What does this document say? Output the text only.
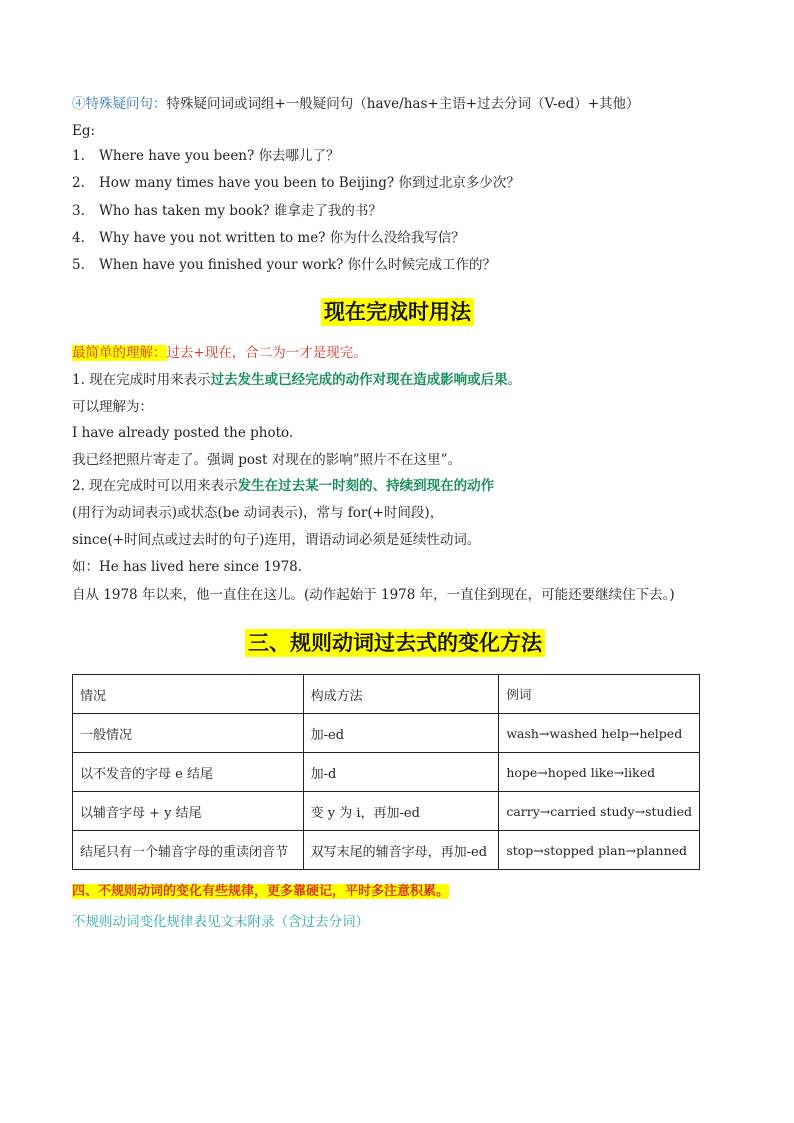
④特殊疑问句：特殊疑问词或词组+一般疑问句（have/has+主语+过去分词（V-ed）+其他）
Eg:
1. Where have you been? 你去哪儿了？
2. How many times have you been to Beijing? 你到过北京多少次？
3. Who has taken my book? 谁拿走了我的书？
4. Why have you not written to me? 你为什么没给我写信？
5. When have you finished your work? 你什么时候完成工作的？
现在完成时用法
最简单的理解：过去+现在，合二为一才是现完。
1. 现在完成时用来表示过去发生或已经完成的动作对现在造成影响或后果。
可以理解为：
I have already posted the photo.
我已经把照片寄走了。强调 post 对现在的影响”照片不在这里”。
2. 现在完成时可以用来表示发生在过去某一时刻的、持续到现在的动作
(用行为动词表示)或状态(be 动词表示)，常与 for(+时间段)，
since(+时间点或过去时的句子)连用，谓语动词必须是延续性动词。
如：He has lived here since 1978.
自从 1978 年以来，他一直住在这儿。(动作起始于 1978 年，一直住到现在，可能还要继续住下去。)
三、规则动词过去式的变化方法
情况	构成方法	例词
一般情况	加-ed	wash→washed help→helped
以不发音的字母 e 结尾	加-d	hope→hoped like→liked
以辅音字母 + y 结尾	变 y 为 i，再加-ed	carry→carried study→studied
结尾只有一个辅音字母的重读闭音节	双写末尾的辅音字母，再加-ed	stop→stopped plan→planned
四、不规则动词的变化有些规律，更多靠硬记，平时多注意积累。
不规则动词变化规律表见文末附录（含过去分词）
